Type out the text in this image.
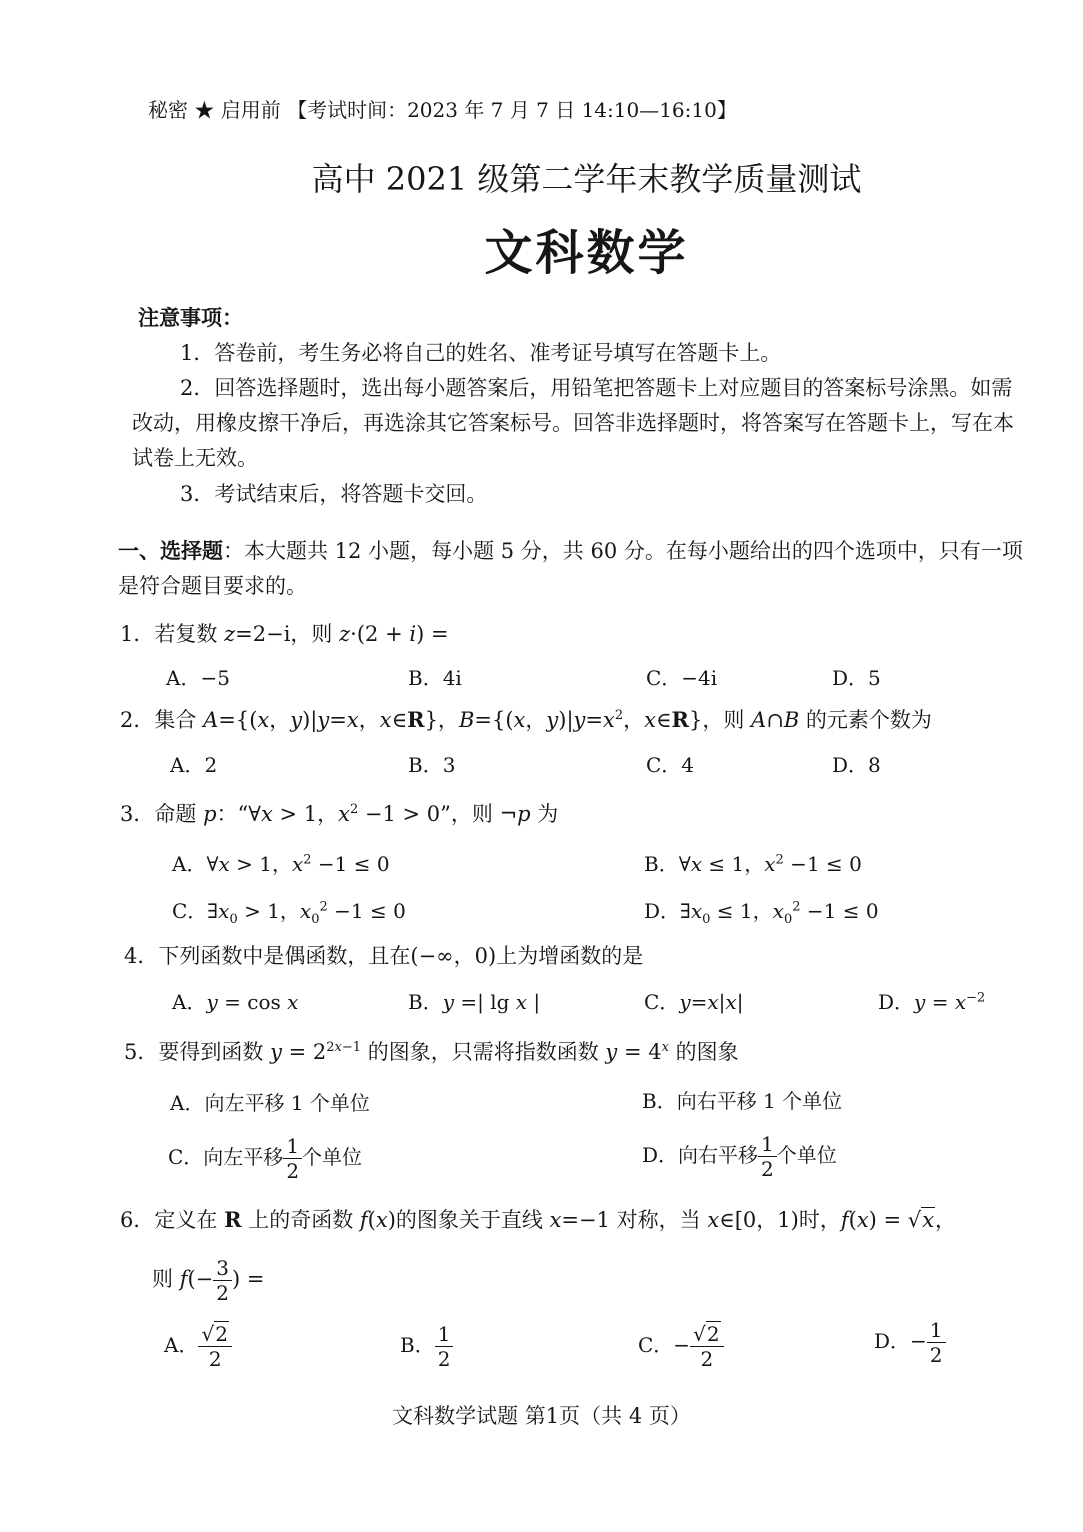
秘密 ★ 启用前 【考试时间：2023 年 7 月 7 日 14:10—16:10】
高中 2021 级第二学年末教学质量测试
文科数学
注意事项：
1．答卷前，考生务必将自己的姓名、准考证号填写在答题卡上。
2．回答选择题时，选出每小题答案后，用铅笔把答题卡上对应题目的答案标号涂黑。如需改动，用橡皮擦干净后，再选涂其它答案标号。回答非选择题时，将答案写在答题卡上，写在本试卷上无效。
3．考试结束后，将答题卡交回。
一、选择题：本大题共 12 小题，每小题 5 分，共 60 分。在每小题给出的四个选项中，只有一项是符合题目要求的。
1．若复数 z=2−i，则 z·(2 + i) =
A．−5	B．4i	C．−4i	D．5
2．集合 A={(x，y)|y=x，x∈R}，B={(x，$y)|y=x^2$，x∈R}，则 A∩B 的元素个数为
A．2	B．3	C．4	D．8
3．命题 p：“∀x > 1，$x^2 -1 > 0$”，则 ¬p 为
A．∀x > 1，$x^2 -1 \le 0$	B．∀x ≤ 1，$x^2 -1 \le 0$
C．$\exists x_0 > 1$，$x_0^2 -1 \le 0$	D．$\exists x_0 \le 1$，$x_0^2 -1 \le 0$
4．下列函数中是偶函数，且在(−∞，0)上为增函数的是
A．y = cos x	B．y =| lg x |	C．y=x|x|	D．$y = x^{-2}$
5．要得到函数 $y = 2^{2x-1}$ 的图象，只需将指数函数 $y = 4^x$ 的图象
A．向左平移 1 个单位	B．向右平移 1 个单位
C．向左平移 $\frac{1}{2}$ 个单位	D．向右平移 $\frac{1}{2}$ 个单位
6．定义在 R 上的奇函数 f(x)的图象关于直线 x=−1 对称，当 x∈[0，1)时，f(x) = √x，
则 $f(- \frac{3}{2}$ ) =
A． $\frac{√2}{2}$	B． $\frac{1}{2}$	C．− $\frac{√2}{2}$	D．− $\frac{1}{2}$
文科数学试题 第1页（共 4 页）
